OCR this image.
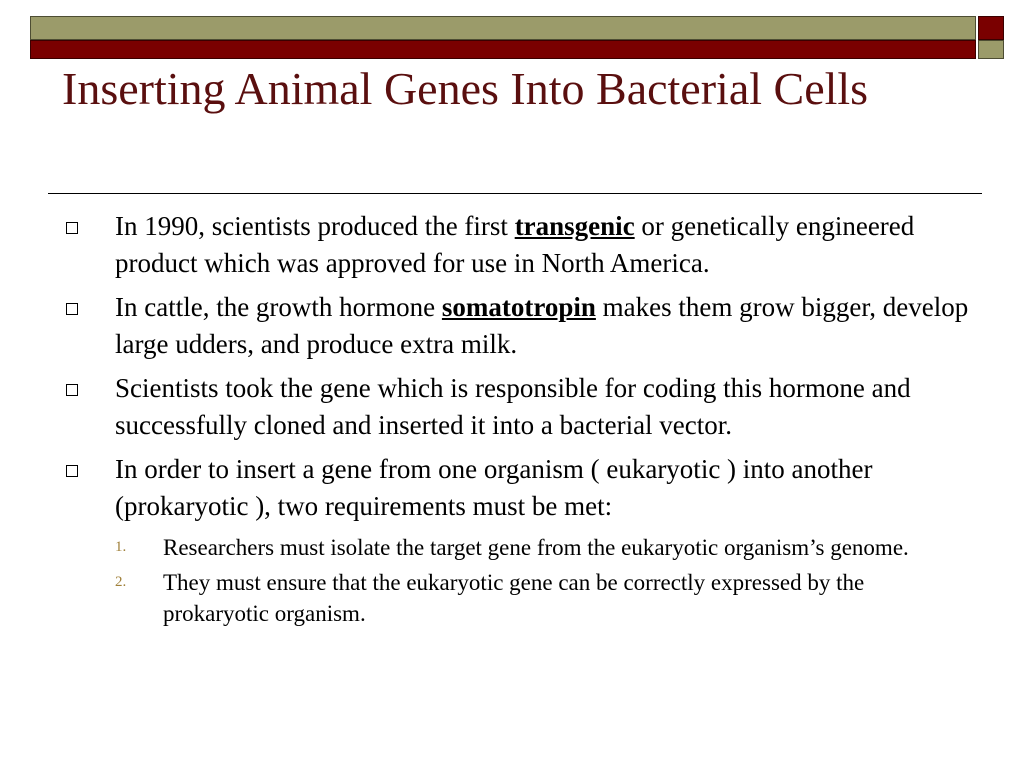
Inserting Animal Genes Into Bacterial Cells
In 1990, scientists produced the first transgenic or genetically engineered product which was approved for use in North America.
In cattle, the growth hormone somatotropin makes them grow bigger, develop large udders, and produce extra milk.
Scientists took the gene which is responsible for coding this hormone and successfully cloned and inserted it into a bacterial vector.
In order to insert a gene from one organism ( eukaryotic ) into another (prokaryotic ), two requirements must be met:
1. Researchers must isolate the target gene from the eukaryotic organism’s genome.
2. They must ensure that the eukaryotic gene can be correctly expressed by the prokaryotic organism.
